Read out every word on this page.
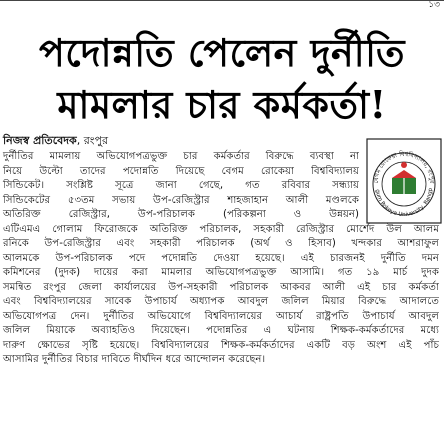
১৩
পদোন্নতি পেলেন দুর্নীতি
মামলার চার কর্মকর্তা!
নিজস্ব প্রতিবেদক, রংপুর
বেগম রোকেয়া বিশ্ববিদ্যালয়, রংপুর
gum Rokeya University, Rangp
দুর্নীতির মামলায় অভিযোগপত্রভুক্ত চার কর্মকর্তার বিরুদ্ধে ব্যবস্থা না
নিয়ে উল্টো তাদের পদোন্নতি দিয়েছে বেগম রোকেয়া বিশ্ববিদ্যালয়
সিন্ডিকেট। সংশ্লিষ্ট সূত্রে জানা গেছে, গত রবিবার সন্ধ্যায়
সিন্ডিকেটের ৫৩তম সভায় উপ-রেজিস্ট্রার শাহজাহান আলী মণ্ডলকে
অতিরিক্ত রেজিস্ট্রার, উপ-পরিচালক (পরিকল্পনা ও উন্নয়ন)
এটিএমএ গোলাম ফিরোজকে অতিরিক্ত পরিচালক, সহকারী রেজিস্ট্রার মোর্শেদ উল আলম
রনিকে উপ-রেজিস্ট্রার এবং সহকারী পরিচালক (অর্থ ও হিসাব) খন্দকার আশরাফুল
আলমকে উপ-পরিচালক পদে পদোন্নতি দেওয়া হয়েছে। এই চারজনই দুর্নীতি দমন
কমিশনের (দুদক) দায়ের করা মামলার অভিযোগপত্রভুক্ত আসামি। গত ১৯ মার্চ দুদক
সমন্বিত রংপুর জেলা কার্যালয়ের উপ-সহকারী পরিচালক আকবর আলী এই চার কর্মকর্তা
এবং বিশ্ববিদ্যালয়ের সাবেক উপাচার্য অধ্যাপক আবদুল জলিল মিয়ার বিরুদ্ধে আদালতে
অভিযোগপত্র দেন। দুর্নীতির অভিযোগে বিশ্ববিদ্যালয়ের আচার্য রাষ্ট্রপতি উপাচার্য আবদুল
জলিল মিয়াকে অব্যাহতিও দিয়েছেন। পদোন্নতির এ ঘটনায় শিক্ষক-কর্মকর্তাদের মধ্যে
দারুণ ক্ষোভের সৃষ্টি হয়েছে। বিশ্ববিদ্যালয়ের শিক্ষক-কর্মকর্তাদের একটি বড় অংশ এই পাঁচ
আসামির দুর্নীতির বিচার দাবিতে দীর্ঘদিন ধরে আন্দোলন করেছেন।
